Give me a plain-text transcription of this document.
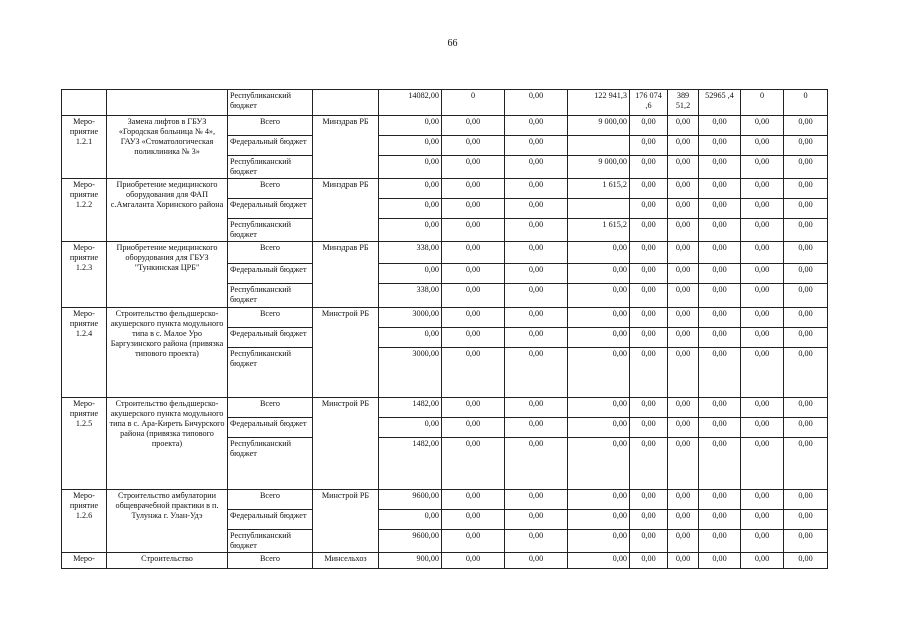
66
		Республиканский бюджет		14082,00	0	0,00	122 941,3	176 074 ,6	389 51,2	52965 ,4	0	0
Меро-приятие 1.2.1	Замена лифтов в ГБУЗ «Городская больница № 4», ГАУЗ «Стоматологическая поликлиника № 3»	Всего	Минздрав РБ	0,00	0,00	0,00	9 000,00	0,00	0,00	0,00	0,00	0,00
		Федеральный бюджет		0,00	0,00	0,00		0,00	0,00	0,00	0,00	0,00
		Республиканский бюджет		0,00	0,00	0,00	9 000,00	0,00	0,00	0,00	0,00	0,00
Меро-приятие 1.2.2	Приобретение медицинского оборудования для ФАП с.Амгаланта Хоринского района	Всего	Минздрав РБ	0,00	0,00	0,00	1 615,2	0,00	0,00	0,00	0,00	0,00
		Федеральный бюджет		0,00	0,00	0,00		0,00	0,00	0,00	0,00	0,00
		Республиканский бюджет		0,00	0,00	0,00	1 615,2	0,00	0,00	0,00	0,00	0,00
Меро-приятие 1.2.3	Приобретение медицинского оборудования для ГБУЗ "Тункинская ЦРБ"	Всего	Минздрав РБ	338,00	0,00	0,00	0,00	0,00	0,00	0,00	0,00	0,00
		Федеральный бюджет		0,00	0,00	0,00	0,00	0,00	0,00	0,00	0,00	0,00
		Республиканский бюджет		338,00	0,00	0,00	0,00	0,00	0,00	0,00	0,00	0,00
Меро-приятие 1.2.4	Строительство фельдшерско-акушерского пункта модульного типа в с. Малое Уро Баргузинского района (привязка типового проекта)	Всего	Минстрой РБ	3000,00	0,00	0,00	0,00	0,00	0,00	0,00	0,00	0,00
		Федеральный бюджет		0,00	0,00	0,00	0,00	0,00	0,00	0,00	0,00	0,00
		Республиканский бюджет		3000,00	0,00	0,00	0,00	0,00	0,00	0,00	0,00	0,00
Меро-приятие 1.2.5	Строительство фельдшерско-акушерского пункта модульного типа в с. Ара-Киреть Бичурского района (привязка типового проекта)	Всего	Минстрой РБ	1482,00	0,00	0,00	0,00	0,00	0,00	0,00	0,00	0,00
		Федеральный бюджет		0,00	0,00	0,00	0,00	0,00	0,00	0,00	0,00	0,00
		Республиканский бюджет		1482,00	0,00	0,00	0,00	0,00	0,00	0,00	0,00	0,00
Меро-приятие 1.2.6	Строительство амбулатории общеврачебной практики в п. Тулунжа г. Улан-Удэ	Всего	Минстрой РБ	9600,00	0,00	0,00	0,00	0,00	0,00	0,00	0,00	0,00
		Федеральный бюджет		0,00	0,00	0,00	0,00	0,00	0,00	0,00	0,00	0,00
		Республиканский бюджет		9600,00	0,00	0,00	0,00	0,00	0,00	0,00	0,00	0,00
Меро-	Строительство	Всего	Минсельхоз	900,00	0,00	0,00	0,00	0,00	0,00	0,00	0,00	0,00
